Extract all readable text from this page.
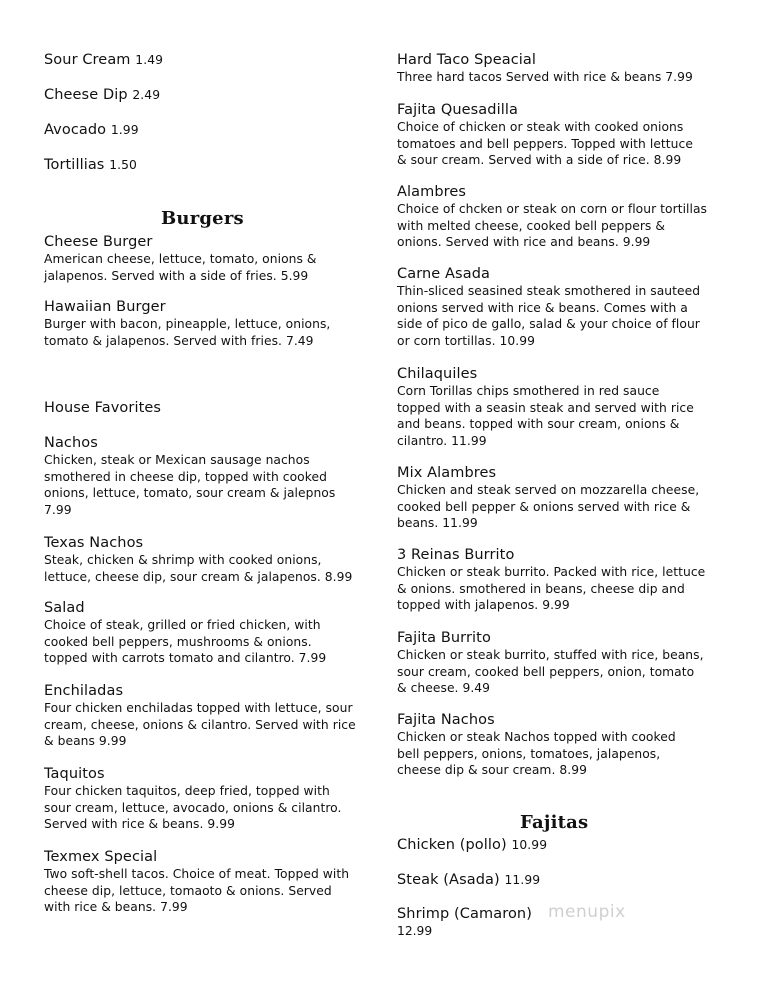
Sour Cream 1.49
Cheese Dip 2.49
Avocado 1.99
Tortillias 1.50
Burgers
Cheese Burger
American cheese, lettuce, tomato, onions &
jalapenos. Served with a side of fries. 5.99
Hawaiian Burger
Burger with bacon, pineapple, lettuce, onions,
tomato & jalapenos. Served with fries. 7.49
House Favorites
Nachos
Chicken, steak or Mexican sausage nachos
smothered in cheese dip, topped with cooked
onions, lettuce, tomato, sour cream & jalepnos
7.99
Texas Nachos
Steak, chicken & shrimp with cooked onions,
lettuce, cheese dip, sour cream & jalapenos. 8.99
Salad
Choice of steak, grilled or fried chicken, with
cooked bell peppers, mushrooms & onions.
topped with carrots tomato and cilantro. 7.99
Enchiladas
Four chicken enchiladas topped with lettuce, sour
cream, cheese, onions & cilantro. Served with rice
& beans 9.99
Taquitos
Four chicken taquitos, deep fried, topped with
sour cream, lettuce, avocado, onions & cilantro.
Served with rice & beans. 9.99
Texmex Special
Two soft-shell tacos. Choice of meat. Topped with
cheese dip, lettuce, tomaoto & onions. Served
with rice & beans. 7.99
Hard Taco Speacial
Three hard tacos Served with rice & beans 7.99
Fajita Quesadilla
Choice of chicken or steak with cooked onions
tomatoes and bell peppers. Topped with lettuce
& sour cream. Served with a side of rice. 8.99
Alambres
Choice of chcken or steak on corn or flour tortillas
with melted cheese, cooked bell peppers &
onions. Served with rice and beans. 9.99
Carne Asada
Thin-sliced seasined steak smothered in sauteed
onions served with rice & beans. Comes with a
side of pico de gallo, salad & your choice of flour
or corn tortillas. 10.99
Chilaquiles
Corn Torillas chips smothered in red sauce
topped with a seasin steak and served with rice
and beans. topped with sour cream, onions &
cilantro. 11.99
Mix Alambres
Chicken and steak served on mozzarella cheese,
cooked bell pepper & onions served with rice &
beans. 11.99
3 Reinas Burrito
Chicken or steak burrito. Packed with rice, lettuce
& onions. smothered in beans, cheese dip and
topped with jalapenos. 9.99
Fajita Burrito
Chicken or steak burrito, stuffed with rice, beans,
sour cream, cooked bell peppers, onion, tomato
& cheese. 9.49
Fajita Nachos
Chicken or steak Nachos topped with cooked
bell peppers, onions, tomatoes, jalapenos,
cheese dip & sour cream. 8.99
Fajitas
Chicken (pollo) 10.99
Steak (Asada) 11.99
Shrimp (Camaron)
12.99
menupix
